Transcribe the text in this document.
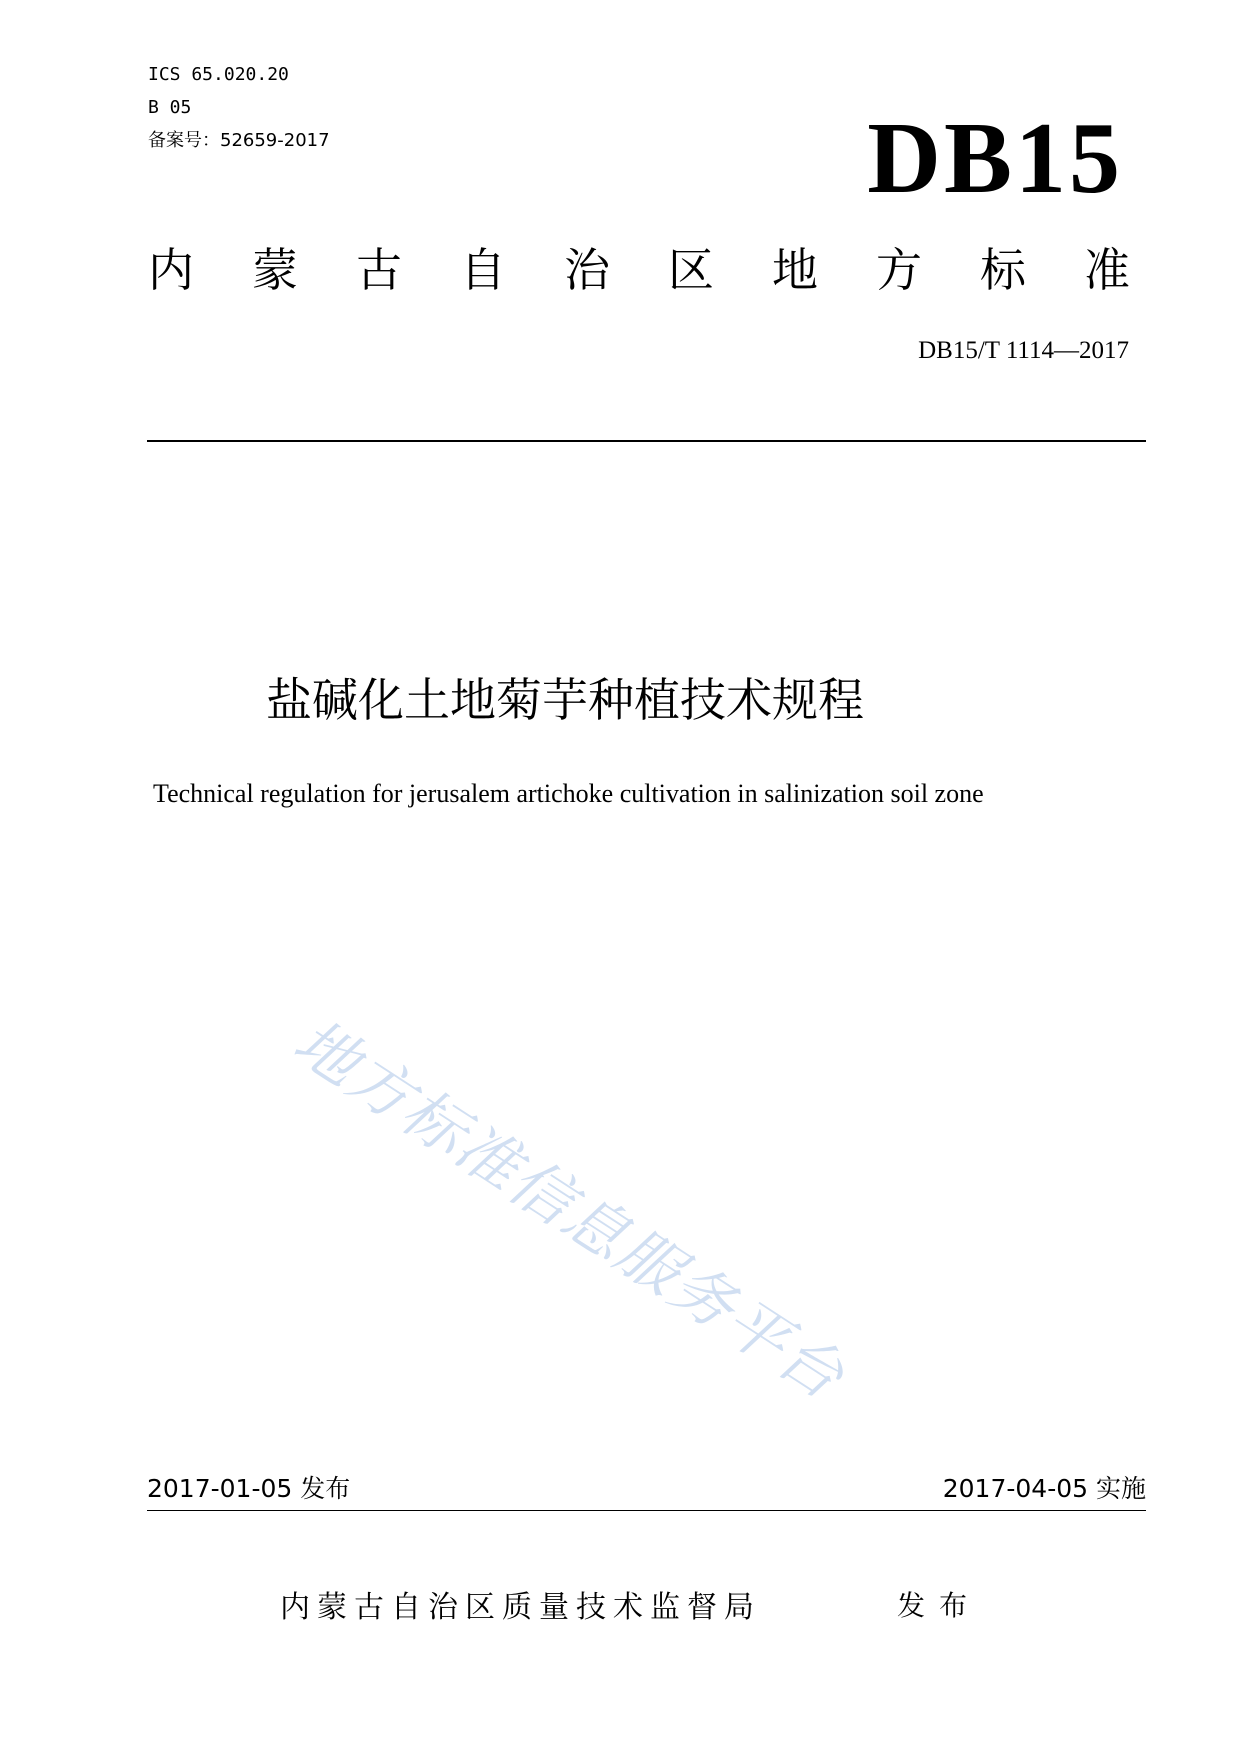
ICS 65.020.20
B 05
备案号：52659-2017	DB15
内 蒙 古 自 治 区 地 方 标 准
DB15/T 1114—2017
盐碱化土地菊芋种植技术规程
Technical regulation for jerusalem artichoke cultivation in salinization soil zone
地方标准信息服务平台
2017-01-05 发布	2017-04-05 实施
内蒙古自治区质量技术监督局	发布
